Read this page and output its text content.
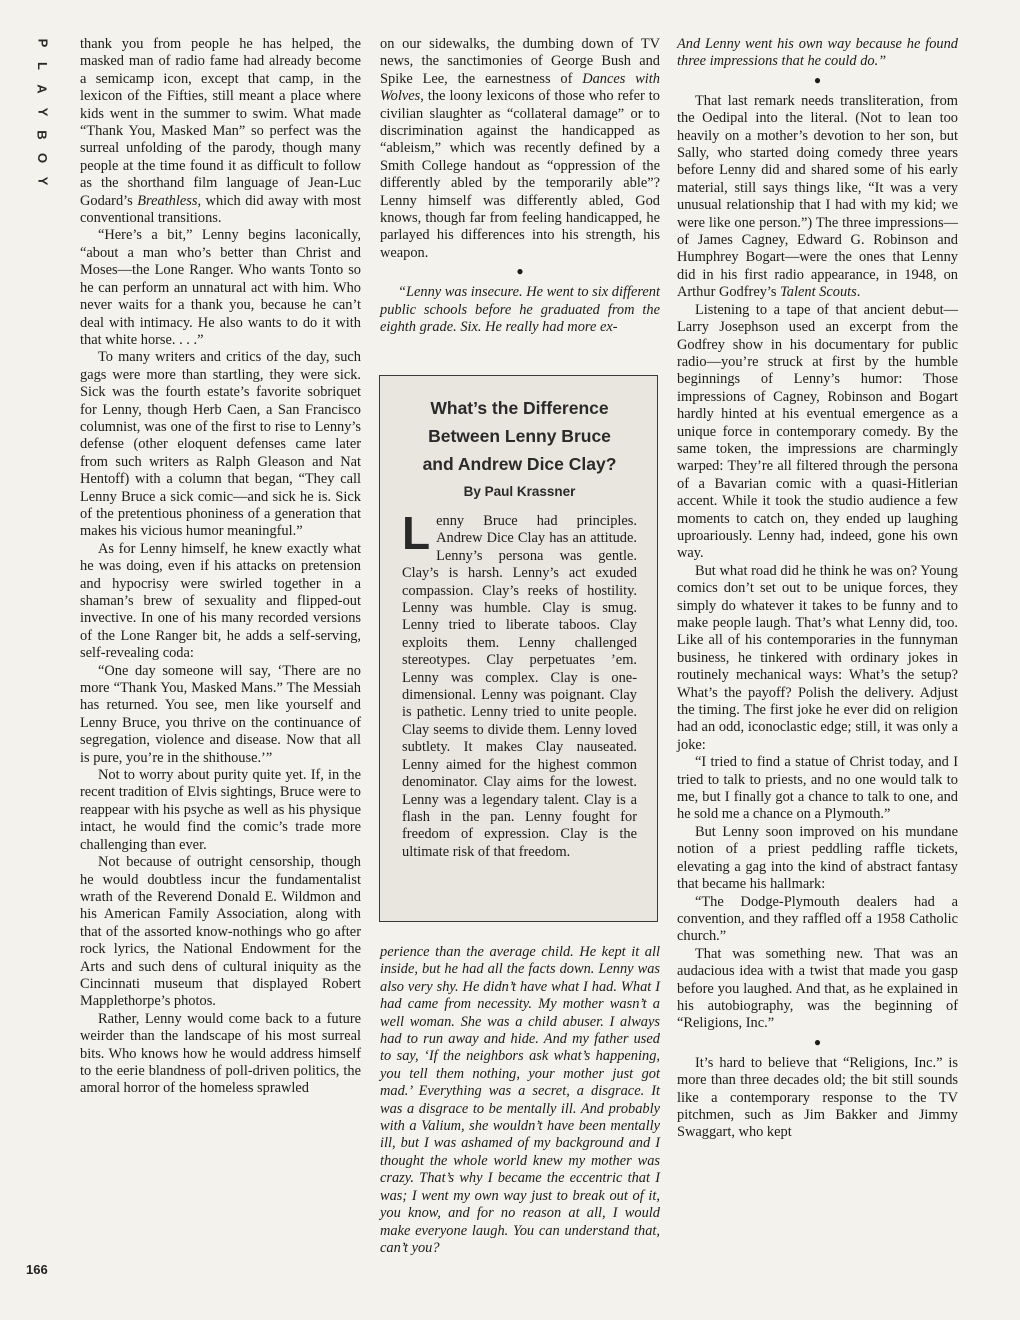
P
L
A
Y
B
O
Y

thank you from people he has helped, the masked man of radio fame had already become a semicamp icon, except that camp, in the lexicon of the Fifties, still meant a place where kids went in the summer to swim. What made “Thank You, Masked Man” so perfect was the surreal unfolding of the parody, though many people at the time found it as difficult to follow as the shorthand film language of Jean-Luc Godard’s Breathless, which did away with most conventional transitions.

“Here’s a bit,” Lenny begins laconically, “about a man who’s better than Christ and Moses—the Lone Ranger. Who wants Tonto so he can perform an unnatural act with him. Who never waits for a thank you, because he can’t deal with intimacy. He also wants to do it with that white horse. . . .”

To many writers and critics of the day, such gags were more than startling, they were sick. Sick was the fourth estate’s favorite sobriquet for Lenny, though Herb Caen, a San Francisco columnist, was one of the first to rise to Lenny’s defense (other eloquent defenses came later from such writers as Ralph Gleason and Nat Hentoff) with a column that began, “They call Lenny Bruce a sick comic—and sick he is. Sick of the pretentious phoniness of a generation that makes his vicious humor meaningful.”

As for Lenny himself, he knew exactly what he was doing, even if his attacks on pretension and hypocrisy were swirled together in a shaman’s brew of sexuality and flipped-out invective. In one of his many recorded versions of the Lone Ranger bit, he adds a self-serving, self-revealing coda:

“One day someone will say, ‘There are no more “Thank You, Masked Mans.” The Messiah has returned. You see, men like yourself and Lenny Bruce, you thrive on the continuance of segregation, violence and disease. Now that all is pure, you’re in the shithouse.’”

Not to worry about purity quite yet. If, in the recent tradition of Elvis sightings, Bruce were to reappear with his psyche as well as his physique intact, he would find the comic’s trade more challenging than ever.

Not because of outright censorship, though he would doubtless incur the fundamentalist wrath of the Reverend Donald E. Wildmon and his American Family Association, along with that of the assorted know-nothings who go after rock lyrics, the National Endowment for the Arts and such dens of cultural iniquity as the Cincinnati museum that displayed Robert Mapplethorpe’s photos.

Rather, Lenny would come back to a future weirder than the landscape of his most surreal bits. Who knows how he would address himself to the eerie blandness of poll-driven politics, the amoral horror of the homeless sprawled

on our sidewalks, the dumbing down of TV news, the sanctimonies of George Bush and Spike Lee, the earnestness of Dances with Wolves, the loony lexicons of those who refer to civilian slaughter as “collateral damage” or to discrimination against the handicapped as “ableism,” which was recently defined by a Smith College handout as “oppression of the differently abled by the temporarily able”? Lenny himself was differently abled, God knows, though far from feeling handicapped, he parlayed his differences into his strength, his weapon.

●

“Lenny was insecure. He went to six different public schools before he graduated from the eighth grade. Six. He really had more ex-

What’s the Difference
Between Lenny Bruce
and Andrew Dice Clay?
By Paul Krassner

Lenny Bruce had principles. Andrew Dice Clay has an attitude. Lenny’s persona was gentle. Clay’s is harsh. Lenny’s act exuded compassion. Clay’s reeks of hostility. Lenny was humble. Clay is smug. Lenny tried to liberate taboos. Clay exploits them. Lenny challenged stereotypes. Clay perpetuates ’em. Lenny was complex. Clay is one-dimensional. Lenny was poignant. Clay is pathetic. Lenny tried to unite people. Clay seems to divide them. Lenny loved subtlety. It makes Clay nauseated. Lenny aimed for the highest common denominator. Clay aims for the lowest. Lenny was a legendary talent. Clay is a flash in the pan. Lenny fought for freedom of expression. Clay is the ultimate risk of that freedom.

perience than the average child. He kept it all inside, but he had all the facts down. Lenny was also very shy. He didn’t have what I had. What I had came from necessity. My mother wasn’t a well woman. She was a child abuser. I always had to run away and hide. And my father used to say, ‘If the neighbors ask what’s happening, you tell them nothing, your mother just got mad.’ Everything was a secret, a disgrace. It was a disgrace to be mentally ill. And probably with a Valium, she wouldn’t have been mentally ill, but I was ashamed of my background and I thought the whole world knew my mother was crazy. That’s why I became the eccentric that I was; I went my own way just to break out of it, you know, and for no reason at all, I would make everyone laugh. You can understand that, can’t you?

And Lenny went his own way because he found three impressions that he could do.”

●

That last remark needs transliteration, from the Oedipal into the literal. (Not to lean too heavily on a mother’s devotion to her son, but Sally, who started doing comedy three years before Lenny did and shared some of his early material, still says things like, “It was a very unusual relationship that I had with my kid; we were like one person.”) The three impressions—of James Cagney, Edward G. Robinson and Humphrey Bogart—were the ones that Lenny did in his first radio appearance, in 1948, on Arthur Godfrey’s Talent Scouts.

Listening to a tape of that ancient debut—Larry Josephson used an excerpt from the Godfrey show in his documentary for public radio—you’re struck at first by the humble beginnings of Lenny’s humor: Those impressions of Cagney, Robinson and Bogart hardly hinted at his eventual emergence as a unique force in contemporary comedy. By the same token, the impressions are charmingly warped: They’re all filtered through the persona of a Bavarian comic with a quasi-Hitlerian accent. While it took the studio audience a few moments to catch on, they ended up laughing uproariously. Lenny had, indeed, gone his own way.

But what road did he think he was on? Young comics don’t set out to be unique forces, they simply do whatever it takes to be funny and to make people laugh. That’s what Lenny did, too. Like all of his contemporaries in the funnyman business, he tinkered with ordinary jokes in routinely mechanical ways: What’s the setup? What’s the payoff? Polish the delivery. Adjust the timing. The first joke he ever did on religion had an odd, iconoclastic edge; still, it was only a joke:

“I tried to find a statue of Christ today, and I tried to talk to priests, and no one would talk to me, but I finally got a chance to talk to one, and he sold me a chance on a Plymouth.”

But Lenny soon improved on his mundane notion of a priest peddling raffle tickets, elevating a gag into the kind of abstract fantasy that became his hallmark:

“The Dodge-Plymouth dealers had a convention, and they raffled off a 1958 Catholic church.”

That was something new. That was an audacious idea with a twist that made you gasp before you laughed. And that, as he explained in his autobiography, was the beginning of “Religions, Inc.”

●

It’s hard to believe that “Religions, Inc.” is more than three decades old; the bit still sounds like a contemporary response to the TV pitchmen, such as Jim Bakker and Jimmy Swaggart, who kept

166
